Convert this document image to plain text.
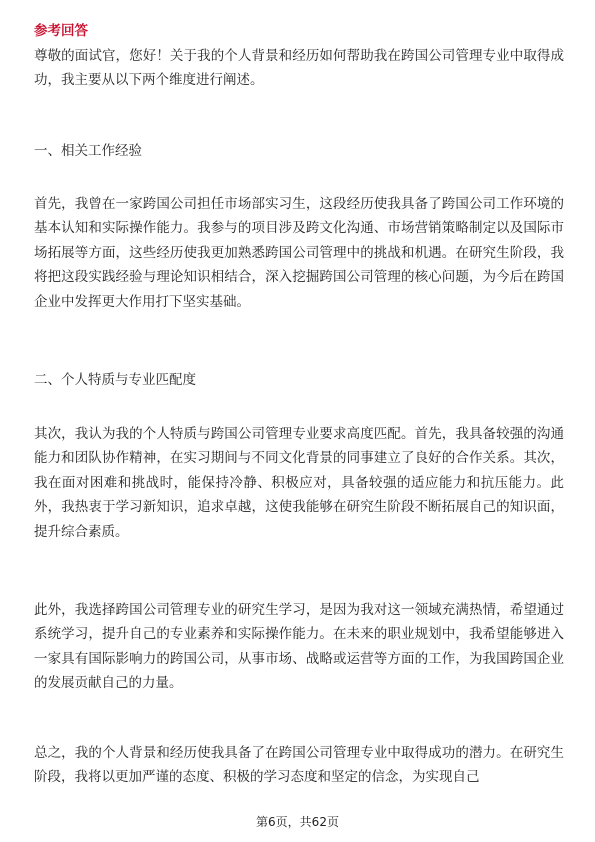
参考回答
尊敬的面试官，您好！关于我的个人背景和经历如何帮助我在跨国公司管理专业中取得成功，我主要从以下两个维度进行阐述。
一、相关工作经验
首先，我曾在一家跨国公司担任市场部实习生，这段经历使我具备了跨国公司工作环境的基本认知和实际操作能力。我参与的项目涉及跨文化沟通、市场营销策略制定以及国际市场拓展等方面，这些经历使我更加熟悉跨国公司管理中的挑战和机遇。在研究生阶段，我将把这段实践经验与理论知识相结合，深入挖掘跨国公司管理的核心问题，为今后在跨国企业中发挥更大作用打下坚实基础。
二、个人特质与专业匹配度
其次，我认为我的个人特质与跨国公司管理专业要求高度匹配。首先，我具备较强的沟通能力和团队协作精神，在实习期间与不同文化背景的同事建立了良好的合作关系。其次，我在面对困难和挑战时，能保持冷静、积极应对，具备较强的适应能力和抗压能力。此外，我热衷于学习新知识，追求卓越，这使我能够在研究生阶段不断拓展自己的知识面，提升综合素质。
此外，我选择跨国公司管理专业的研究生学习，是因为我对这一领域充满热情，希望通过系统学习，提升自己的专业素养和实际操作能力。在未来的职业规划中，我希望能够进入一家具有国际影响力的跨国公司，从事市场、战略或运营等方面的工作，为我国跨国企业的发展贡献自己的力量。
总之，我的个人背景和经历使我具备了在跨国公司管理专业中取得成功的潜力。在研究生阶段，我将以更加严谨的态度、积极的学习态度和坚定的信念，为实现自己
第6页，共62页
